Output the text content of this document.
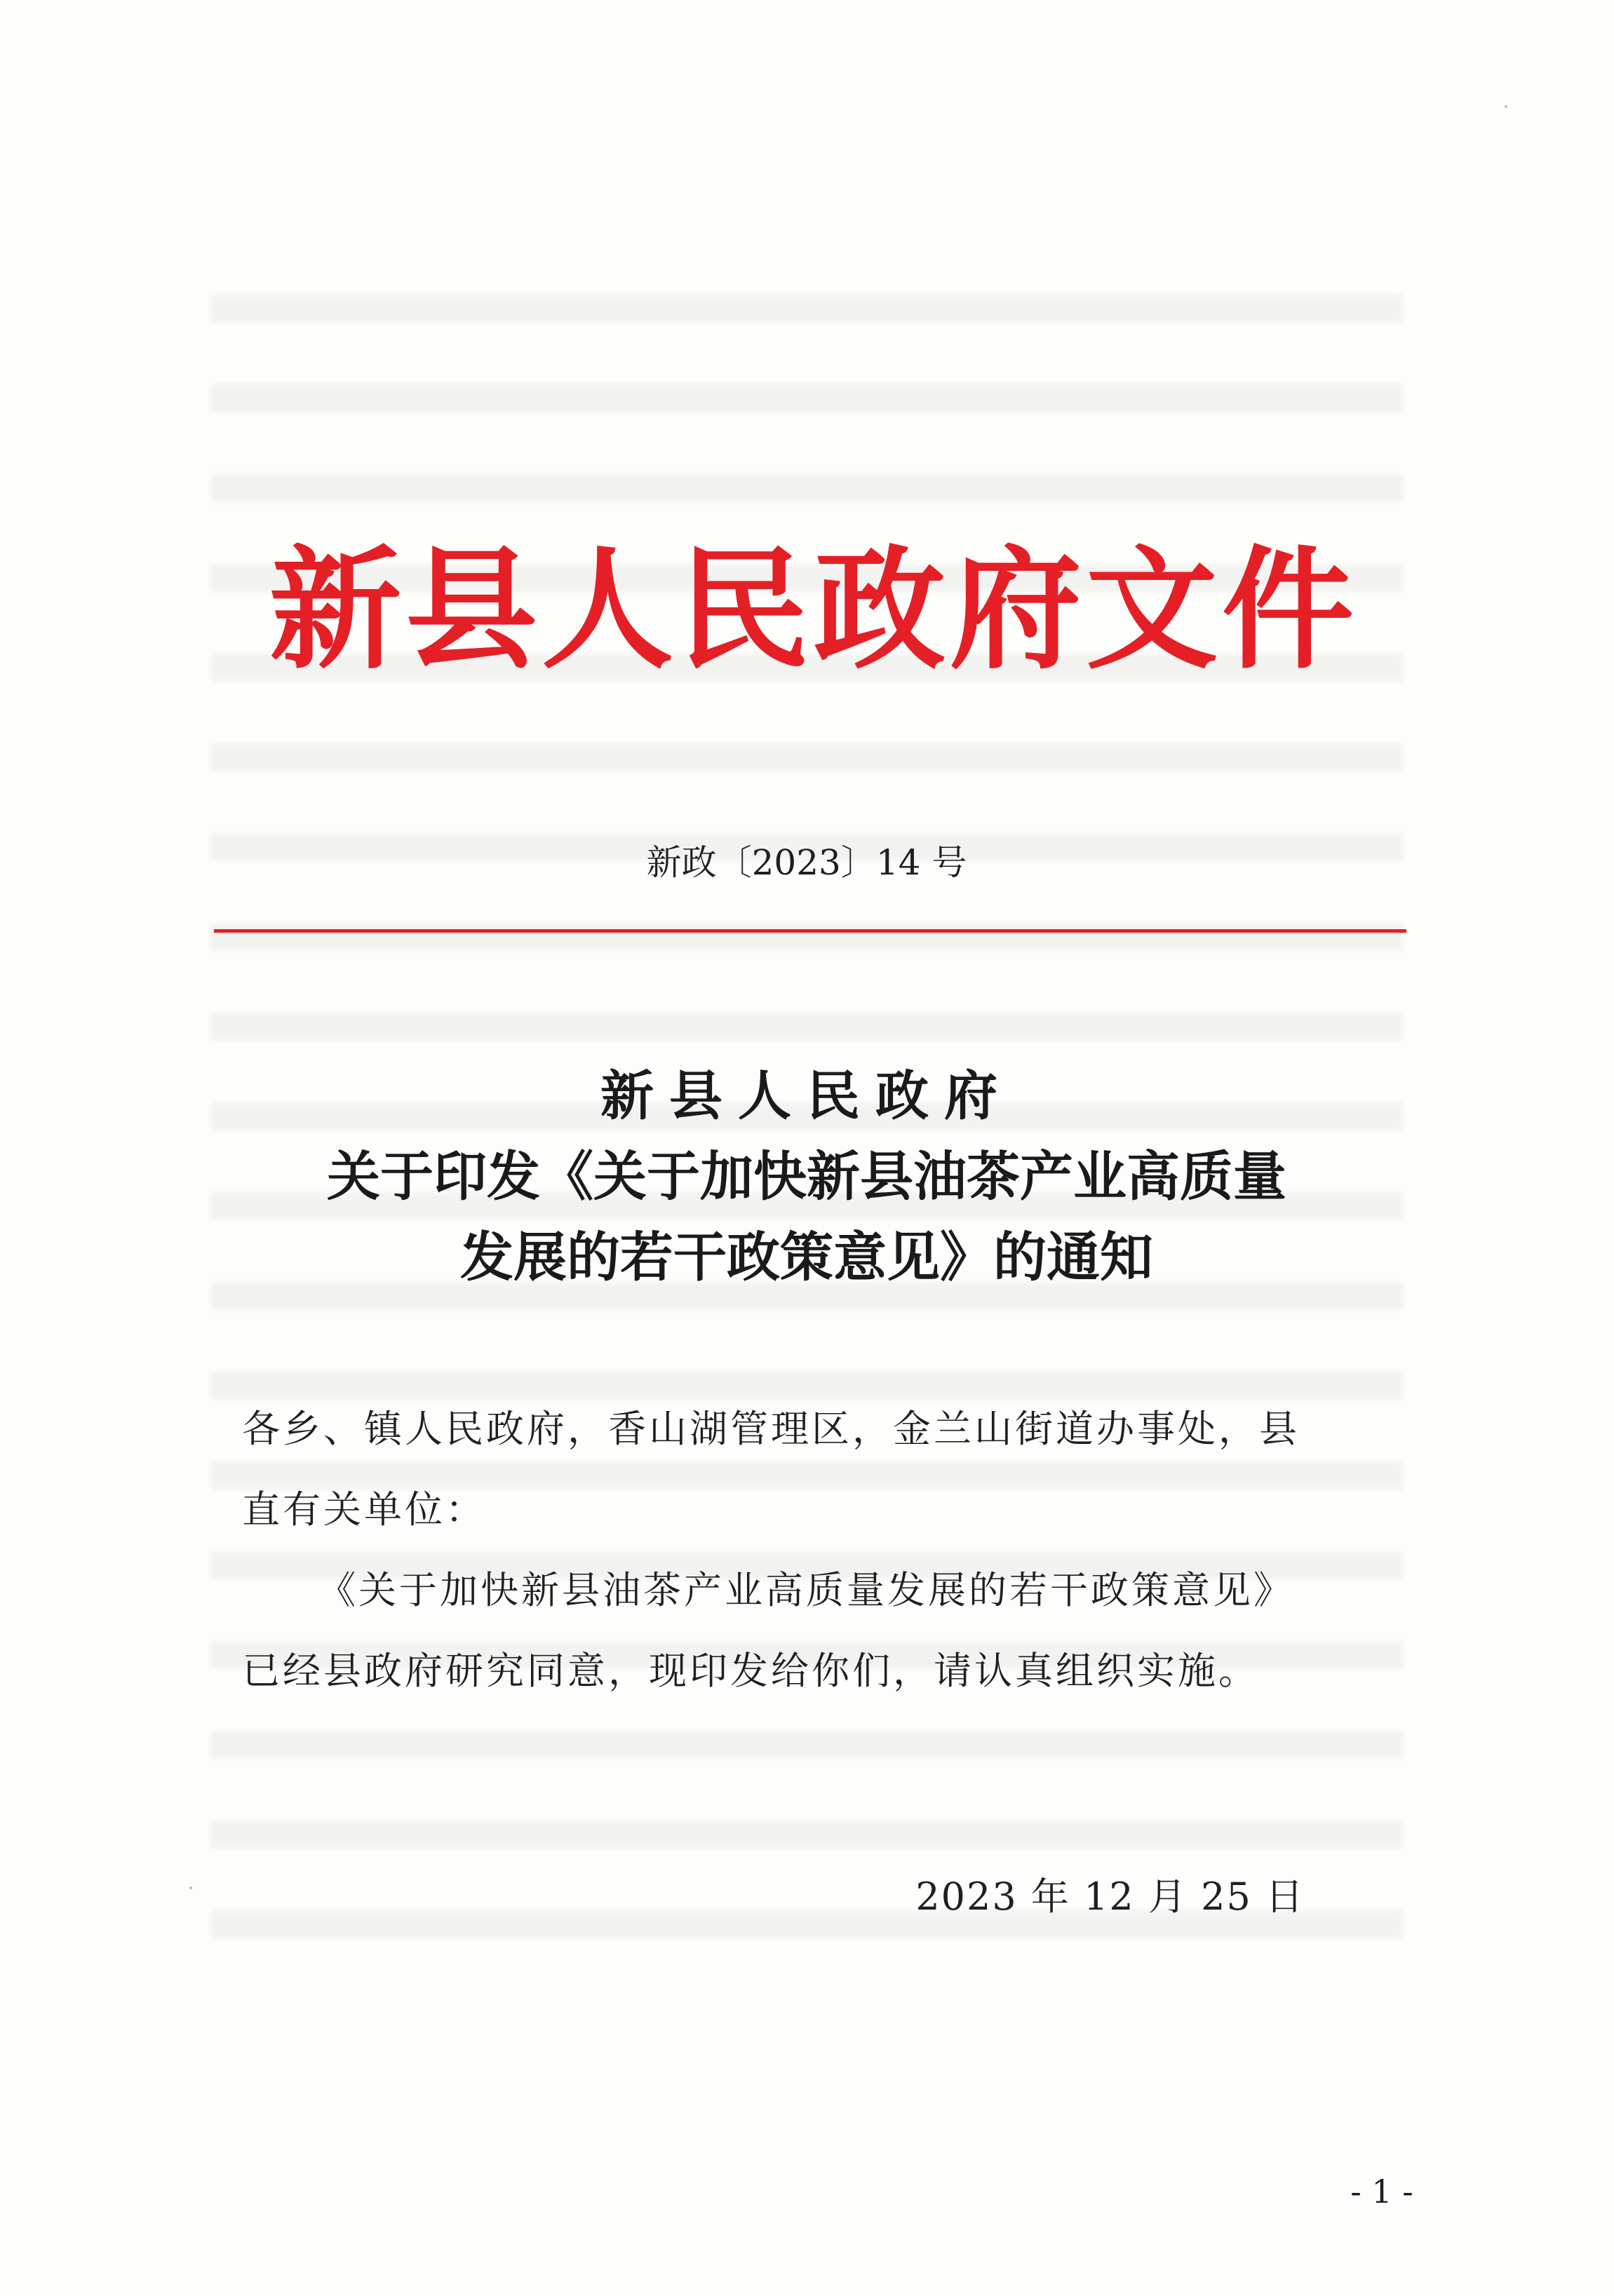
新县人民政府文件
新政〔2023〕14 号
新县人民政府
关于印发《关于加快新县油茶产业高质量
发展的若干政策意见》的通知
各乡、镇人民政府，香山湖管理区，金兰山街道办事处，县
直有关单位：
《关于加快新县油茶产业高质量发展的若干政策意见》
已经县政府研究同意，现印发给你们，请认真组织实施。
2023 年 12 月 25 日
- 1 -
